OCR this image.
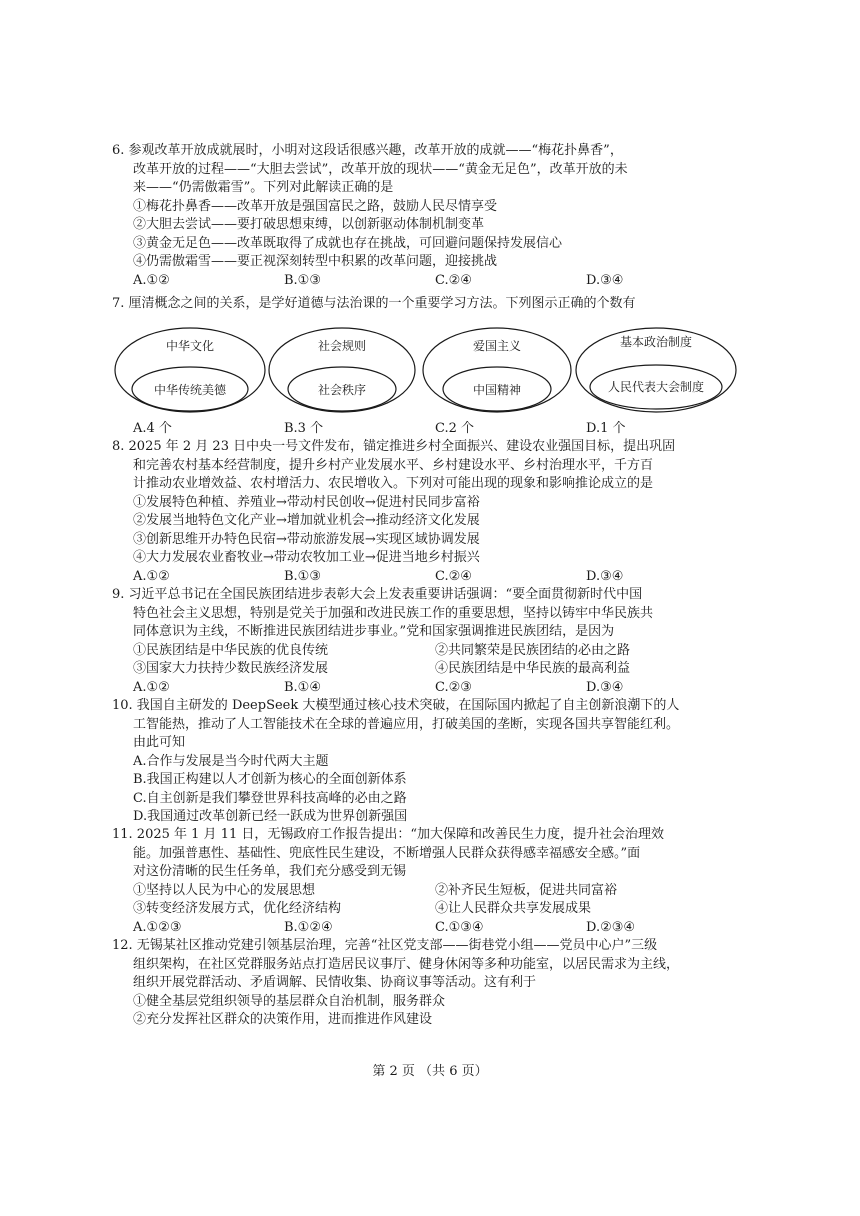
6. 参观改革开放成就展时，小明对这段话很感兴趣，改革开放的成就——“梅花扑鼻香”，
改革开放的过程——“大胆去尝试”，改革开放的现状——“黄金无足色”，改革开放的未
来——“仍需傲霜雪”。下列对此解读正确的是
①梅花扑鼻香——改革开放是强国富民之路，鼓励人民尽情享受
②大胆去尝试——要打破思想束缚，以创新驱动体制机制变革
③黄金无足色——改革既取得了成就也存在挑战，可回避问题保持发展信心
④仍需傲霜雪——要正视深刻转型中积累的改革问题，迎接挑战
A.①②	B.①③	C.②④	D.③④
7. 厘清概念之间的关系，是学好道德与法治课的一个重要学习方法。下列图示正确的个数有
中华文化
中华传统美德
社会规则
社会秩序
爱国主义
中国精神
基本政治制度
人民代表大会制度
A.4 个	B.3 个	C.2 个	D.1 个
8. 2025 年 2 月 23 日中央一号文件发布，锚定推进乡村全面振兴、建设农业强国目标，提出巩固
和完善农村基本经营制度，提升乡村产业发展水平、乡村建设水平、乡村治理水平，千方百
计推动农业增效益、农村增活力、农民增收入。下列对可能出现的现象和影响推论成立的是
①发展特色种植、养殖业→带动村民创收→促进村民同步富裕
②发展当地特色文化产业→增加就业机会→推动经济文化发展
③创新思维开办特色民宿→带动旅游发展→实现区域协调发展
④大力发展农业畜牧业→带动农牧加工业→促进当地乡村振兴
A.①②	B.①③	C.②④	D.③④
9. 习近平总书记在全国民族团结进步表彰大会上发表重要讲话强调：“要全面贯彻新时代中国
特色社会主义思想，特别是党关于加强和改进民族工作的重要思想，坚持以铸牢中华民族共
同体意识为主线，不断推进民族团结进步事业。”党和国家强调推进民族团结，是因为
①民族团结是中华民族的优良传统	②共同繁荣是民族团结的必由之路
③国家大力扶持少数民族经济发展	④民族团结是中华民族的最高利益
A.①②	B.①④	C.②③	D.③④
10. 我国自主研发的 DeepSeek 大模型通过核心技术突破，在国际国内掀起了自主创新浪潮下的人
工智能热，推动了人工智能技术在全球的普遍应用，打破美国的垄断，实现各国共享智能红利。
由此可知
A.合作与发展是当今时代两大主题
B.我国正构建以人才创新为核心的全面创新体系
C.自主创新是我们攀登世界科技高峰的必由之路
D.我国通过改革创新已经一跃成为世界创新强国
11. 2025 年 1 月 11 日，无锡政府工作报告提出：“加大保障和改善民生力度，提升社会治理效
能。加强普惠性、基础性、兜底性民生建设，不断增强人民群众获得感幸福感安全感。”面
对这份清晰的民生任务单，我们充分感受到无锡
①坚持以人民为中心的发展思想	②补齐民生短板，促进共同富裕
③转变经济发展方式，优化经济结构	④让人民群众共享发展成果
A.①②③	B.①②④	C.①③④	D.②③④
12. 无锡某社区推动党建引领基层治理，完善“社区党支部——街巷党小组——党员中心户”三级
组织架构，在社区党群服务站点打造居民议事厅、健身休闲等多种功能室，以居民需求为主线，
组织开展党群活动、矛盾调解、民情收集、协商议事等活动。这有利于
①健全基层党组织领导的基层群众自治机制，服务群众
②充分发挥社区群众的决策作用，进而推进作风建设
第 2 页 （共 6 页）
